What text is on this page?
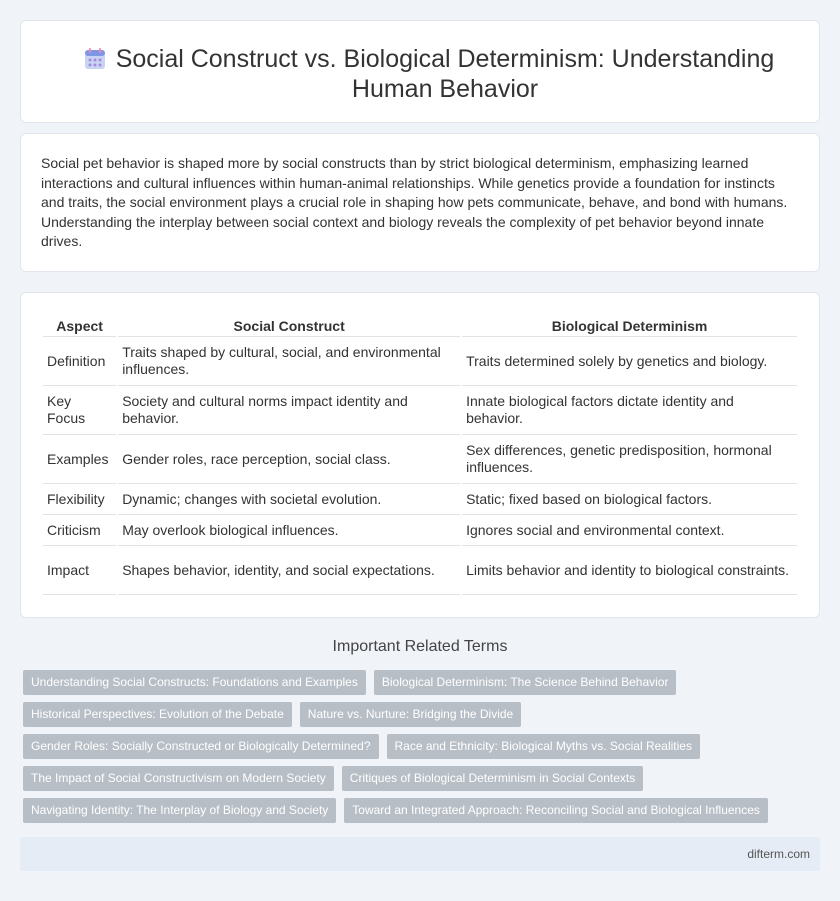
Social Construct vs. Biological Determinism: Understanding Human Behavior

Social pet behavior is shaped more by social constructs than by strict biological determinism, emphasizing learned interactions and cultural influences within human-animal relationships. While genetics provide a foundation for instincts and traits, the social environment plays a crucial role in shaping how pets communicate, behave, and bond with humans. Understanding the interplay between social context and biology reveals the complexity of pet behavior beyond innate drives.

Aspect	Social Construct	Biological Determinism
Definition	Traits shaped by cultural, social, and environmental influences.	Traits determined solely by genetics and biology.
Key Focus	Society and cultural norms impact identity and behavior.	Innate biological factors dictate identity and behavior.
Examples	Gender roles, race perception, social class.	Sex differences, genetic predisposition, hormonal influences.
Flexibility	Dynamic; changes with societal evolution.	Static; fixed based on biological factors.
Criticism	May overlook biological influences.	Ignores social and environmental context.
Impact	Shapes behavior, identity, and social expectations.	Limits behavior and identity to biological constraints.
Important Related Terms
Understanding Social Constructs: Foundations and Examples	Biological Determinism: The Science Behind Behavior
Historical Perspectives: Evolution of the Debate	Nature vs. Nurture: Bridging the Divide
Gender Roles: Socially Constructed or Biologically Determined?	Race and Ethnicity: Biological Myths vs. Social Realities
The Impact of Social Constructivism on Modern Society	Critiques of Biological Determinism in Social Contexts
Navigating Identity: The Interplay of Biology and Society	Toward an Integrated Approach: Reconciling Social and Biological Influences
difterm.com
